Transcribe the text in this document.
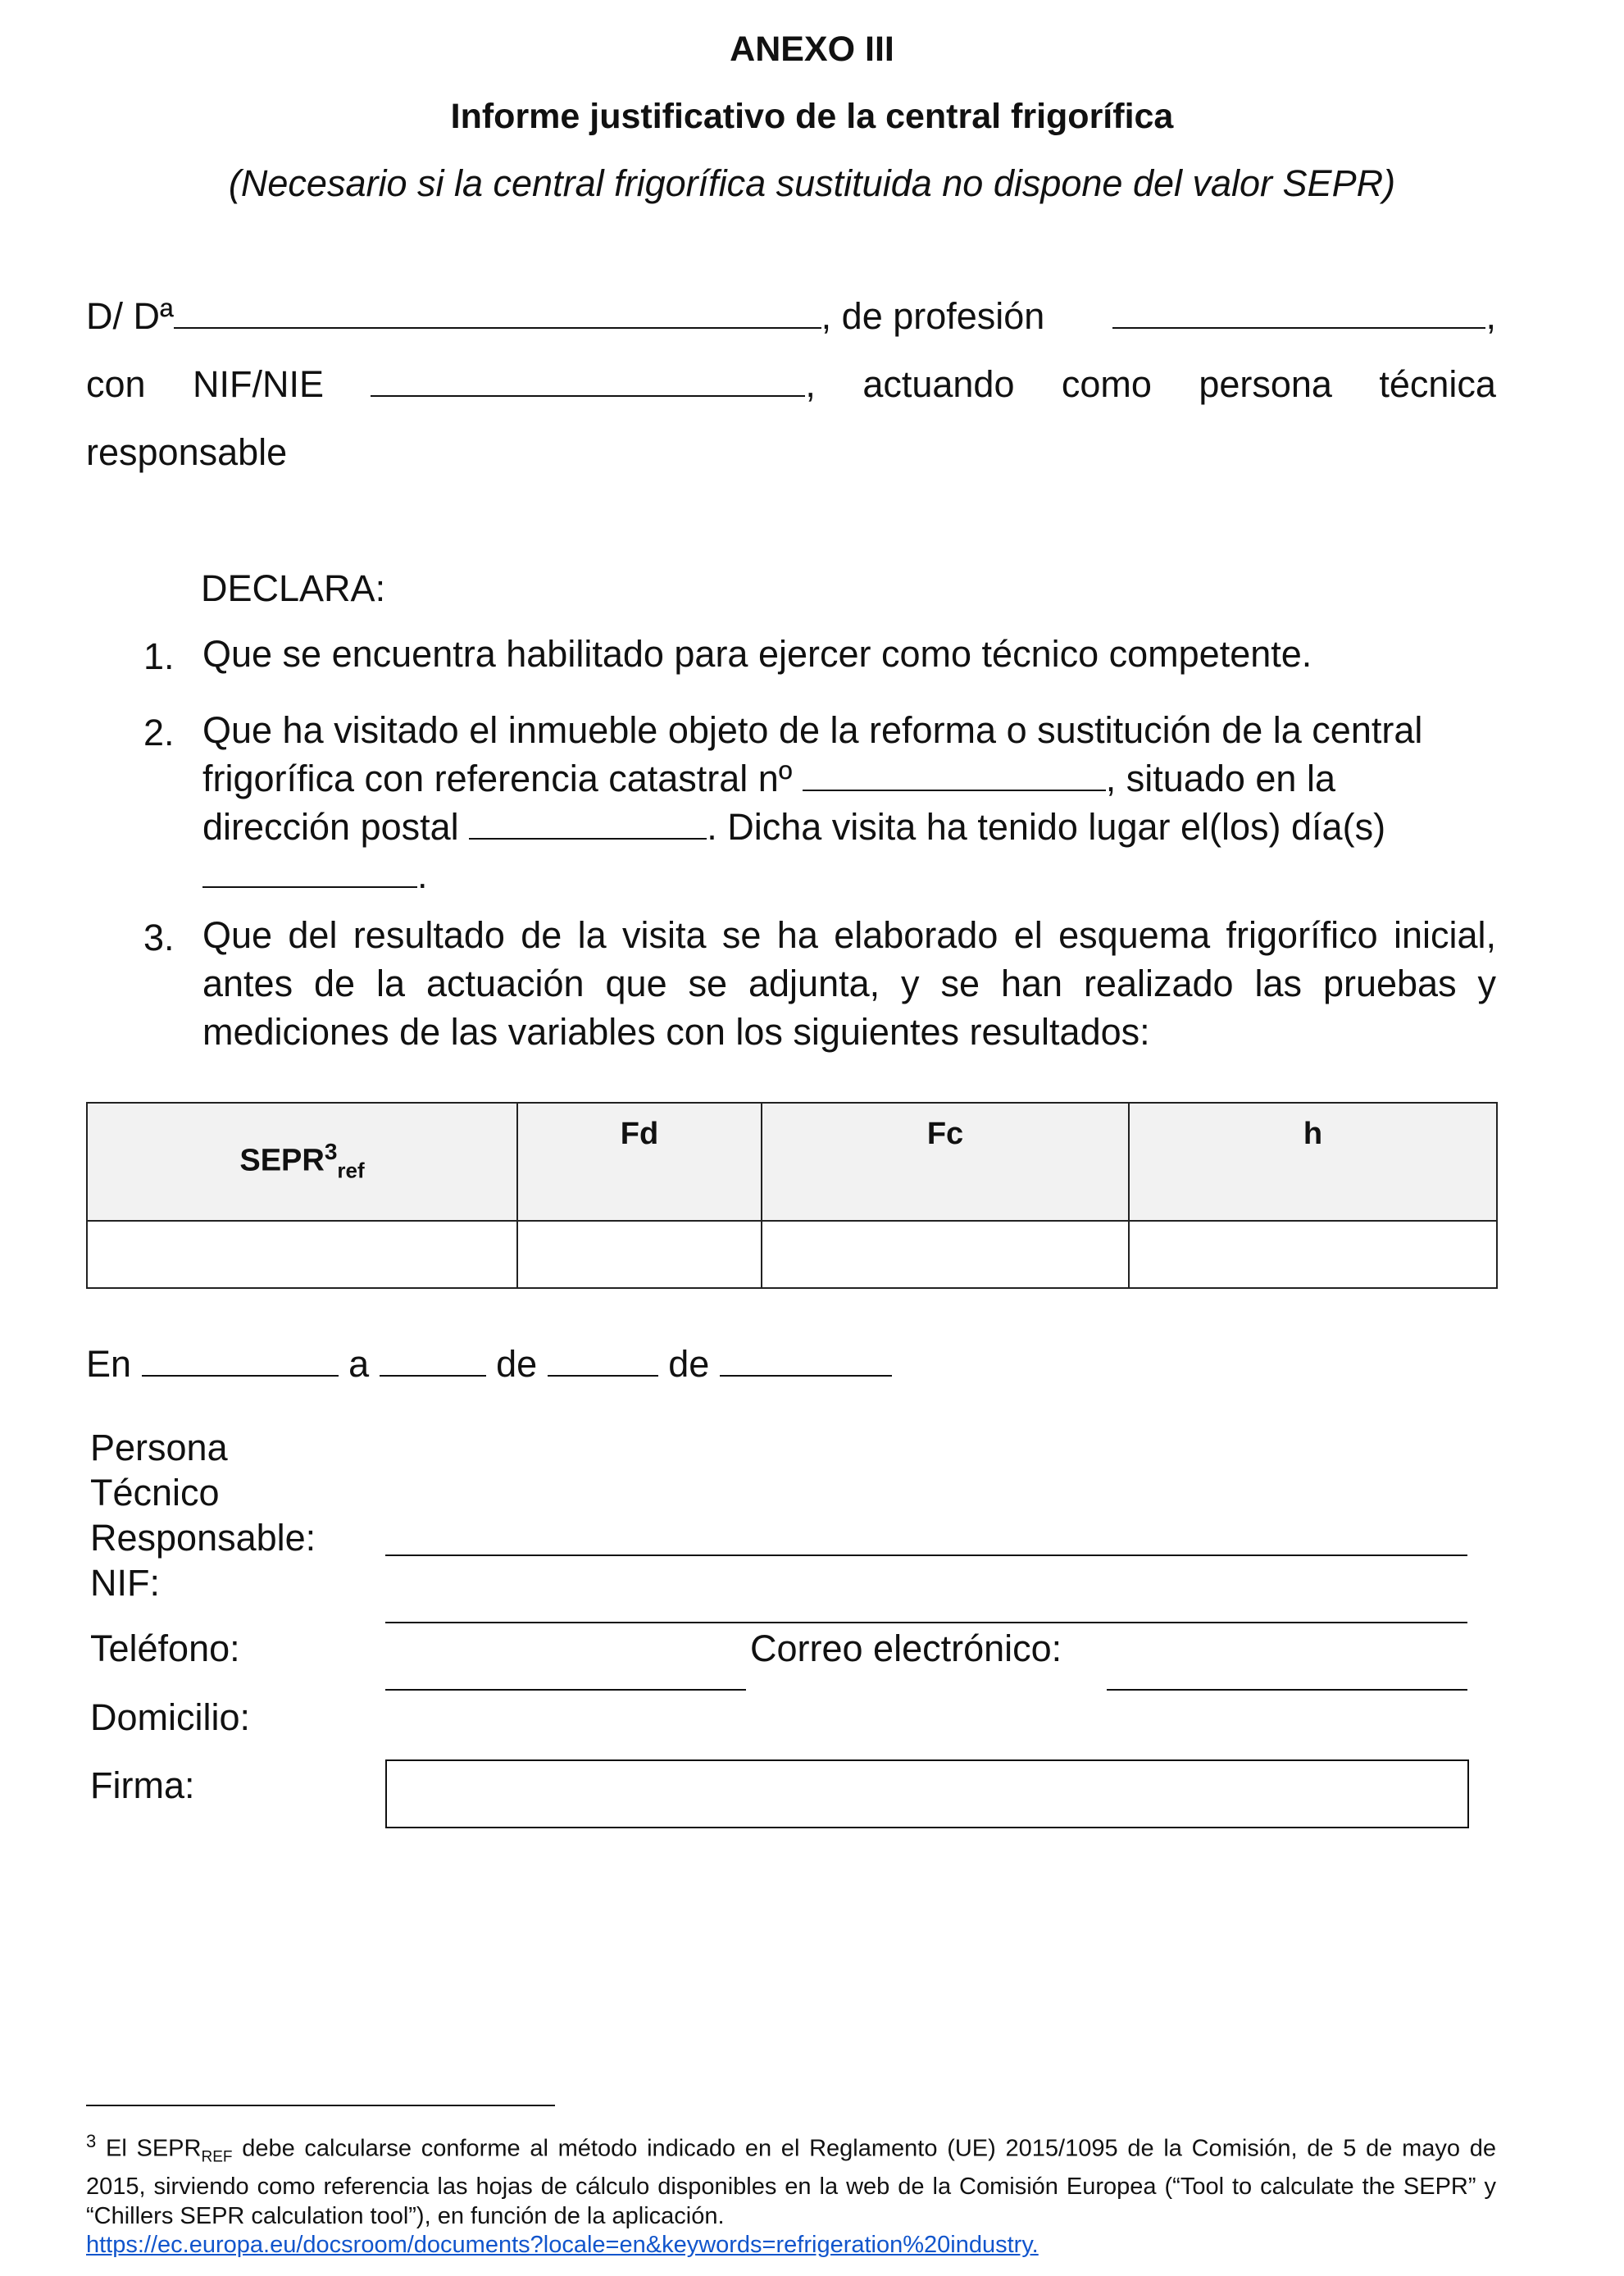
ANEXO III
Informe justificativo de la central frigorífica
(Necesario si la central frigorífica sustituida no dispone del valor SEPR)
D/ Dª	, de profesión	,
con NIF/NIE	, actuando como persona técnica
responsable
DECLARA:
1. Que se encuentra habilitado para ejercer como técnico competente.
2. Que ha visitado el inmueble objeto de la reforma o sustitución de la central
frigorífica con referencia catastral nº	, situado en la
dirección postal	. Dicha visita ha tenido lugar el(los) día(s)
.
3. Que del resultado de la visita se ha elaborado el esquema frigorífico inicial,
antes de la actuación que se adjunta, y se han realizado las pruebas y
mediciones de las variables con los siguientes resultados:
$SEPR^3_{ref}$	Fd	Fc	h

En	a	de	de
Persona
Técnico
Responsable:
NIF:
Teléfono:	Correo electrónico:
Domicilio:
Firma:
$^3$ El $SEPR_{REF}$ debe calcularse conforme al método indicado en el Reglamento (UE) 2015/1095 de la Comisión, de 5 de mayo de 2015, sirviendo como referencia las hojas de cálculo disponibles en la web de la Comisión Europea (“Tool to calculate the SEPR” y “Chillers SEPR calculation tool”), en función de la aplicación.
https://ec.europa.eu/docsroom/documents?locale=en&keywords=refrigeration%20industry.
